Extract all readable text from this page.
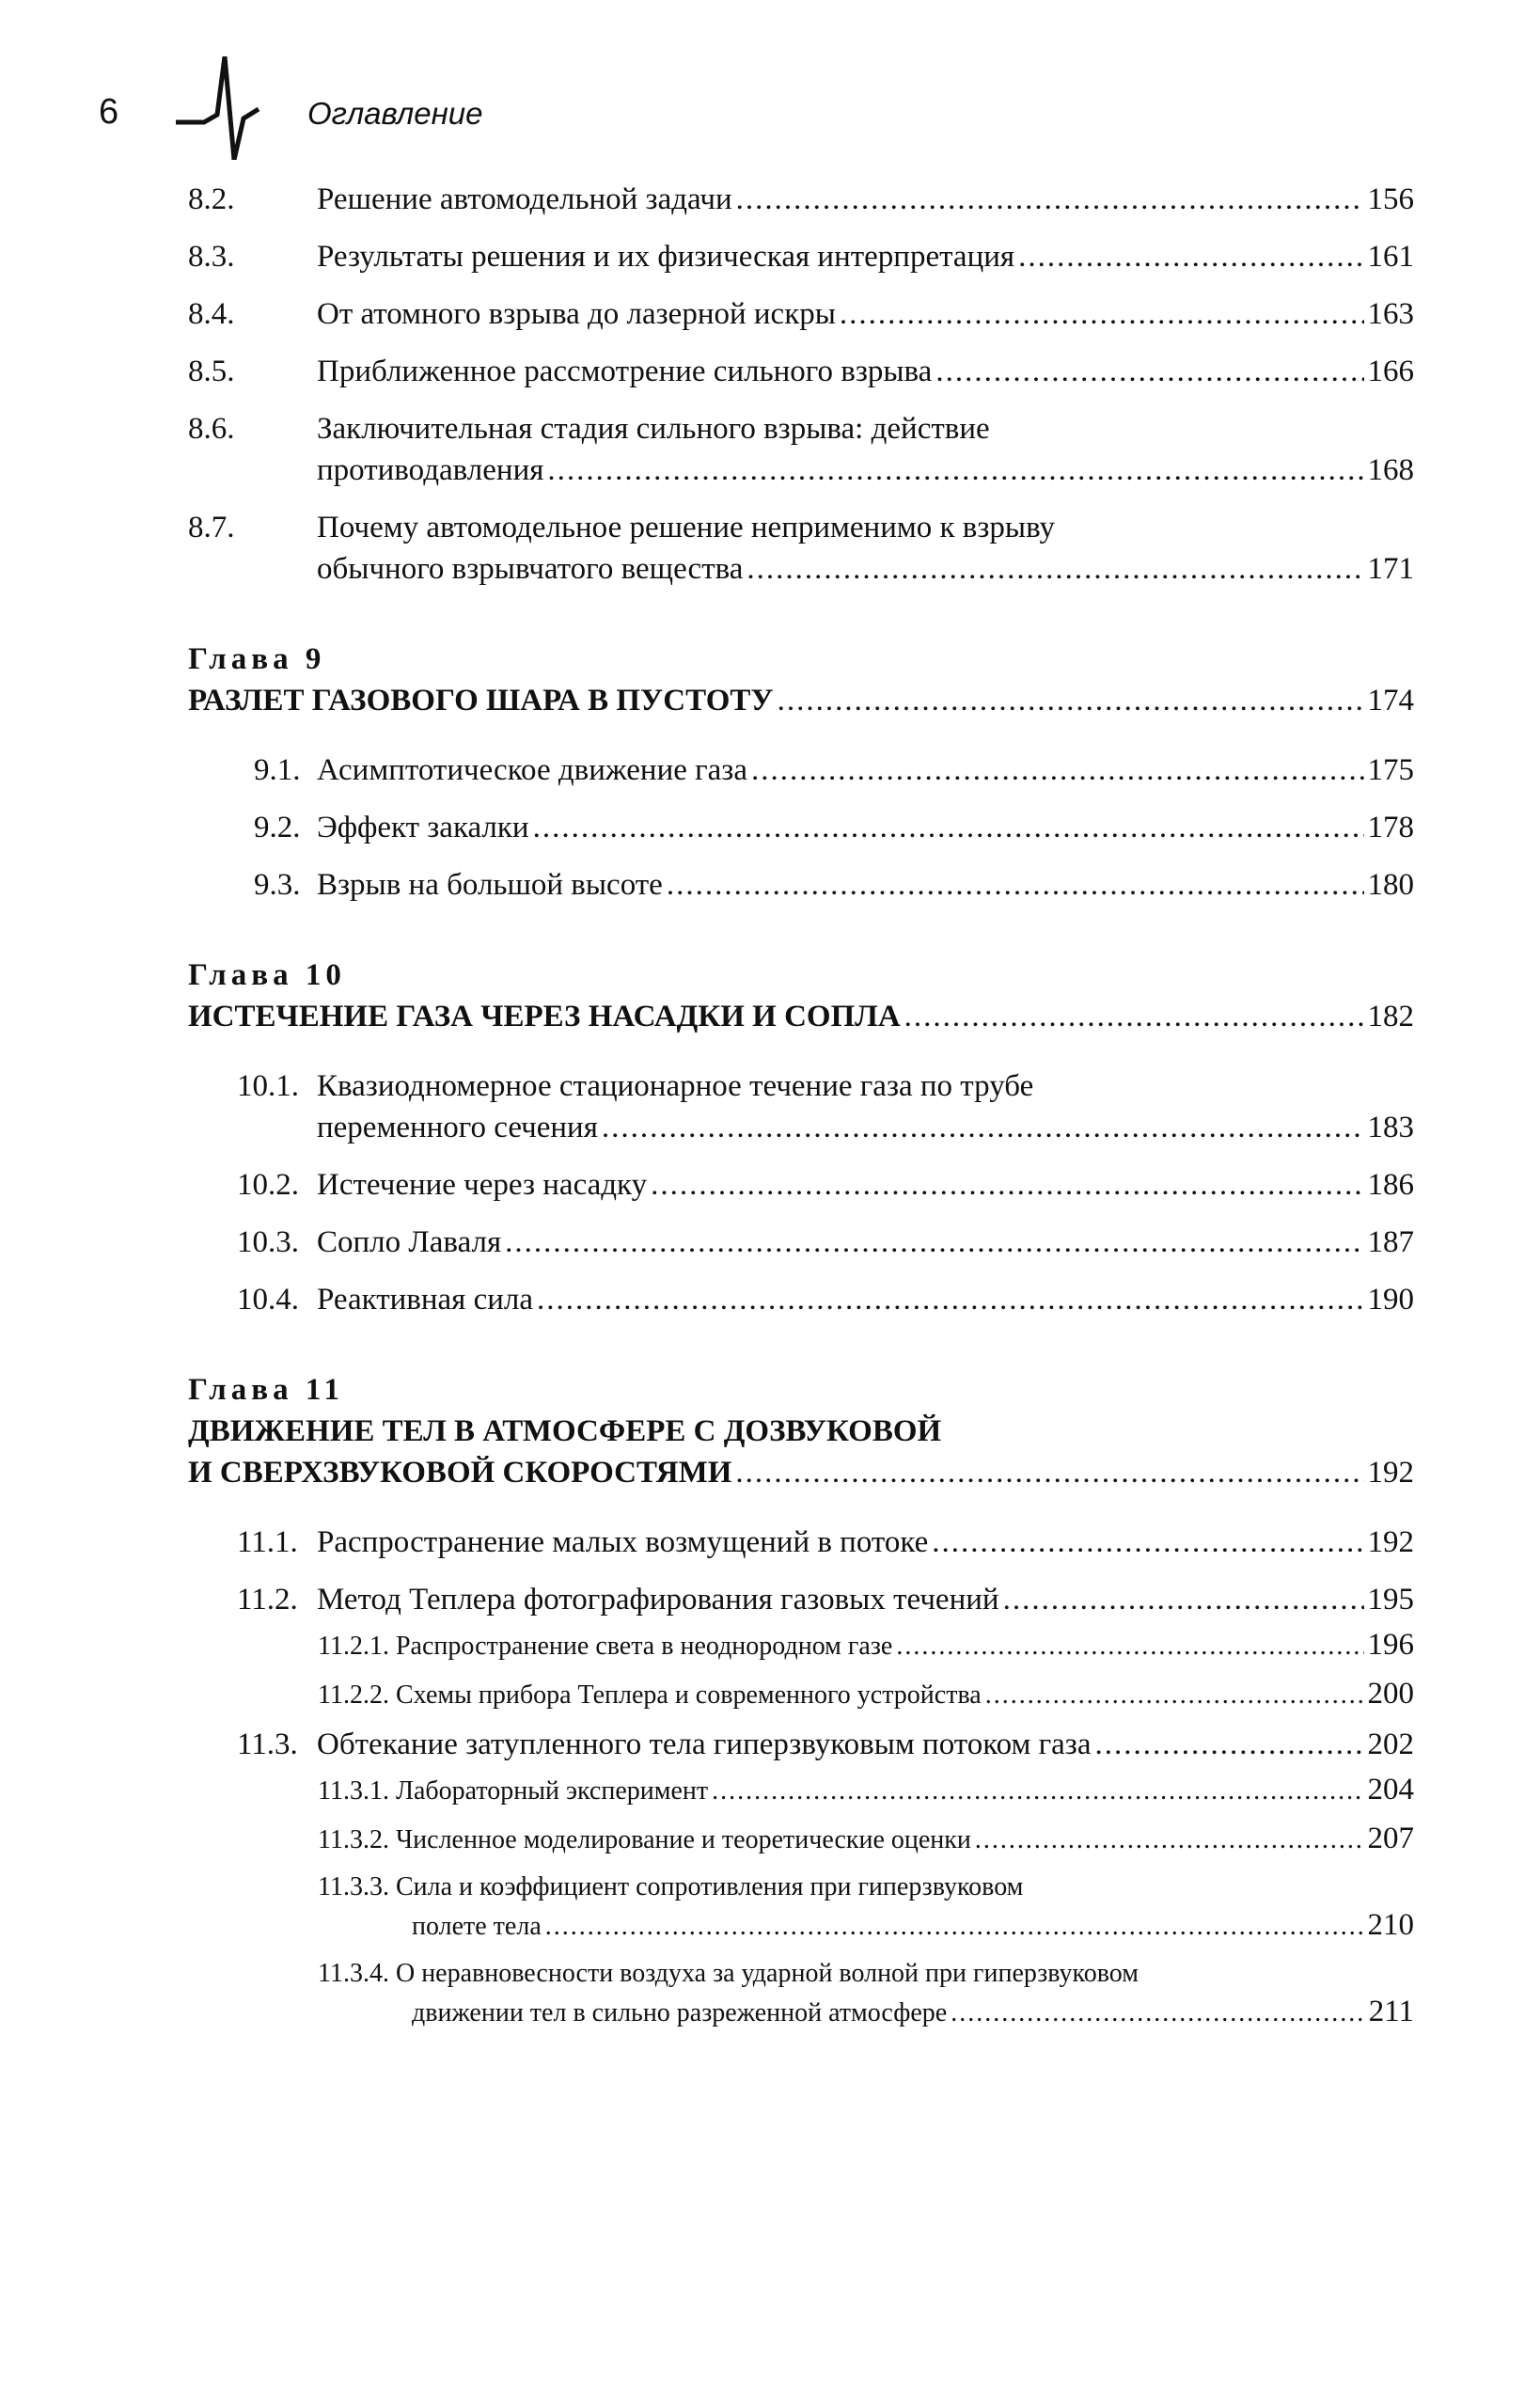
6	Оглавление
8.2.	Решение автомодельной задачи .....	156
8.3.	Результаты решения и их физическая интерпретация .....	161
8.4.	От атомного взрыва до лазерной искры .....	163
8.5.	Приближенное рассмотрение сильного взрыва .....	166
8.6.	Заключительная стадия сильного взрыва: действие
противодавления .....	168
8.7.	Почему автомодельное решение неприменимо к взрыву
обычного взрывчатого вещества .....	171
Глава 9
РАЗЛЕТ ГАЗОВОГО ШАРА В ПУСТОТУ .....	174
9.1. Асимптотическое движение газа .....	175
9.2. Эффект закалки .....	178
9.3. Взрыв на большой высоте .....	180
Глава 10
ИСТЕЧЕНИЕ ГАЗА ЧЕРЕЗ НАСАДКИ И СОПЛА .....	182
10.1. Квазиодномерное стационарное течение газа по трубе
переменного сечения .....	183
10.2. Истечение через насадку .....	186
10.3. Сопло Лаваля .....	187
10.4. Реактивная сила .....	190
Глава 11
ДВИЖЕНИЕ ТЕЛ В АТМОСФЕРЕ С ДОЗВУКОВОЙ
И СВЕРХЗВУКОВОЙ СКОРОСТЯМИ .....	192
11.1. Распространение малых возмущений в потоке .....	192
11.2. Метод Теплера фотографирования газовых течений .....	195
11.2.1. Распространение света в неоднородном газе .....	196
11.2.2. Схемы прибора Теплера и современного устройства .....	200
11.3. Обтекание затупленного тела гиперзвуковым потоком газа .....	202
11.3.1. Лабораторный эксперимент .....	204
11.3.2. Численное моделирование и теоретические оценки .....	207
11.3.3. Сила и коэффициент сопротивления при гиперзвуковом
полете тела .....	210
11.3.4. О неравновесности воздуха за ударной волной при гиперзвуковом
движении тел в сильно разреженной атмосфере .....	211
